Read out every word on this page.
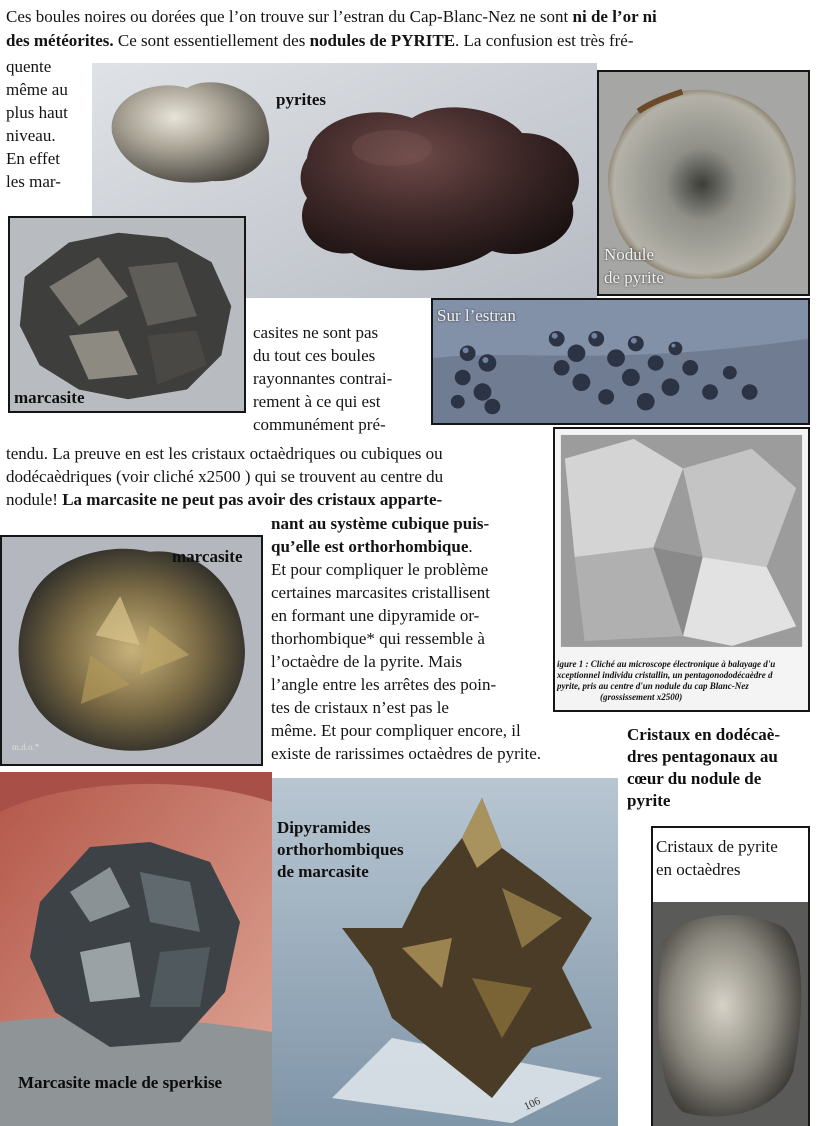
Ces boules noires ou dorées que l’on trouve sur l’estran du Cap-Blanc-Nez ne sont ni de l’or ni
des météorites. Ce sont essentiellement des nodules de PYRITE. La confusion est très fré-
quente
même au
plus haut
niveau.
En effet
les mar-
pyrites
Nodule
de pyrite
marcasite
casites ne sont pas
du tout ces boules
rayonnantes contrai-
rement à ce qui est
communément pré-
Sur l’estran
tendu. La preuve en est les cristaux octaèdriques ou cubiques ou
dodécaèdriques (voir cliché x2500 ) qui se trouvent au centre du
nodule! La marcasite ne peut pas avoir des cristaux apparte-
nant au système cubique puis-
qu’elle est orthorhombique.
igure 1 : Cliché au microscope électronique à balayage d'u
xceptionnel individu cristallin, un pentagonododécaèdre d
pyrite, pris au centre d'un nodule du cap Blanc-Nez
(grossissement x2500)
marcasite
m.d.o.*
Et pour compliquer le problème
certaines marcasites cristallisent
en formant une dipyramide or-
thorhombique* qui ressemble à
l’octaèdre de la pyrite. Mais
l’angle entre les arrêtes des poin-
tes de cristaux n’est pas le
même. Et pour compliquer encore, il
existe de rarissimes octaèdres de pyrite.
Cristaux en dodécaè-
dres pentagonaux au
cœur du nodule de
pyrite
Marcasite macle de sperkise
Dipyramides
orthorhombiques
de marcasite
106
Cristaux de pyrite
en octaèdres
